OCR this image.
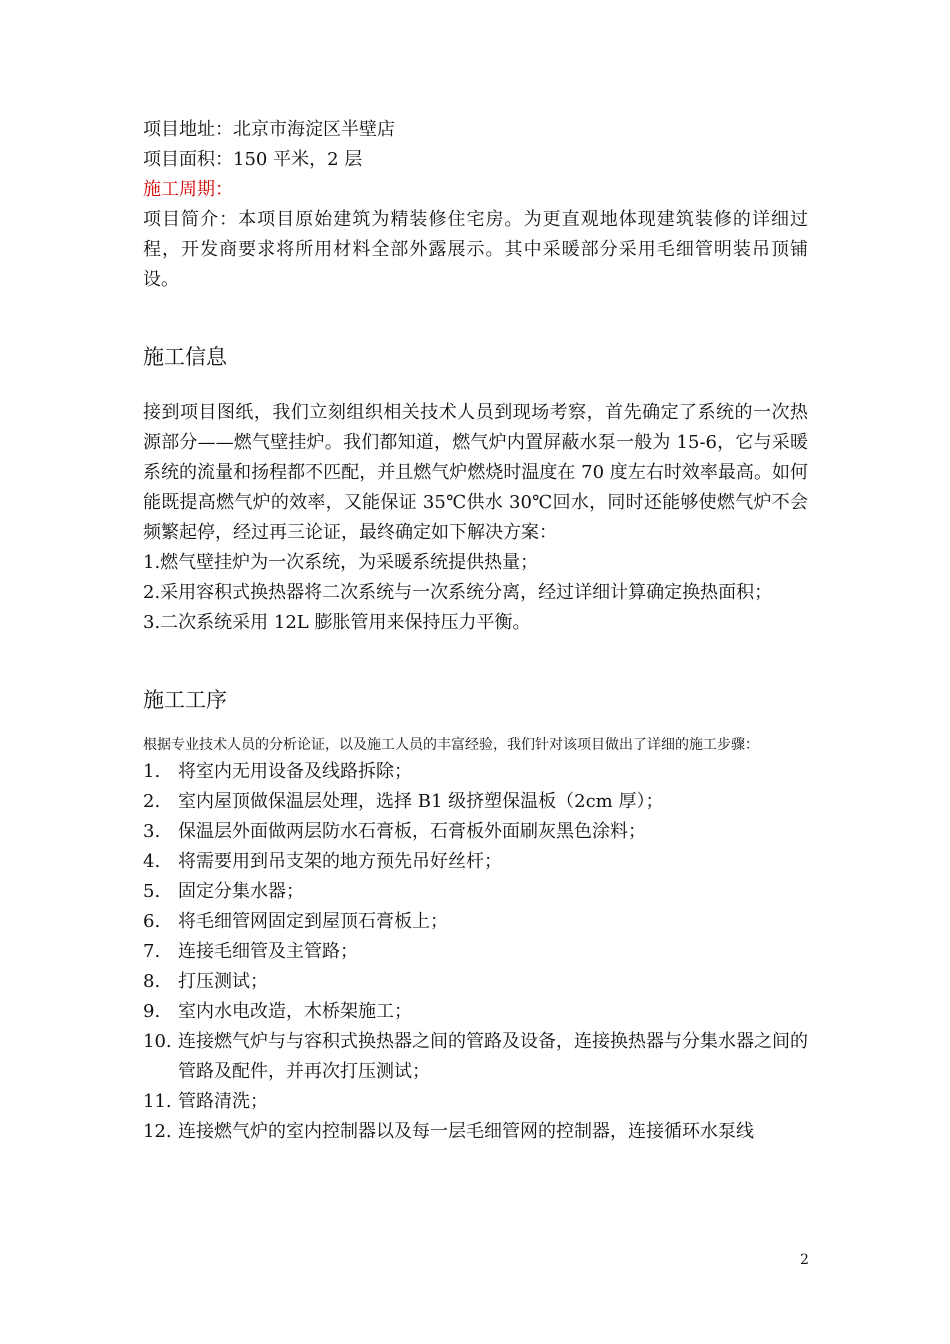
项目地址：北京市海淀区半壁店
项目面积：150 平米，2 层
施工周期：
项目简介：本项目原始建筑为精装修住宅房。为更直观地体现建筑装修的详细过程，开发商要求将所用材料全部外露展示。其中采暖部分采用毛细管明装吊顶铺设。
施工信息
接到项目图纸，我们立刻组织相关技术人员到现场考察，首先确定了系统的一次热源部分——燃气壁挂炉。我们都知道，燃气炉内置屏蔽水泵一般为 15-6，它与采暖系统的流量和扬程都不匹配，并且燃气炉燃烧时温度在 70 度左右时效率最高。如何能既提高燃气炉的效率，又能保证 35℃供水 30℃回水，同时还能够使燃气炉不会频繁起停，经过再三论证，最终确定如下解决方案：
1.燃气壁挂炉为一次系统，为采暖系统提供热量；
2.采用容积式换热器将二次系统与一次系统分离，经过详细计算确定换热面积；
3.二次系统采用 12L 膨胀管用来保持压力平衡。
施工工序
根据专业技术人员的分析论证，以及施工人员的丰富经验，我们针对该项目做出了详细的施工步骤：
1. 将室内无用设备及线路拆除；
2. 室内屋顶做保温层处理，选择 B1 级挤塑保温板（2cm 厚）；
3. 保温层外面做两层防水石膏板，石膏板外面刷灰黑色涂料；
4. 将需要用到吊支架的地方预先吊好丝杆；
5. 固定分集水器；
6. 将毛细管网固定到屋顶石膏板上；
7. 连接毛细管及主管路；
8. 打压测试；
9. 室内水电改造，木桥架施工；
10. 连接燃气炉与与容积式换热器之间的管路及设备，连接换热器与分集水器之间的管路及配件，并再次打压测试；
11. 管路清洗；
12. 连接燃气炉的室内控制器以及每一层毛细管网的控制器，连接循环水泵线
2
